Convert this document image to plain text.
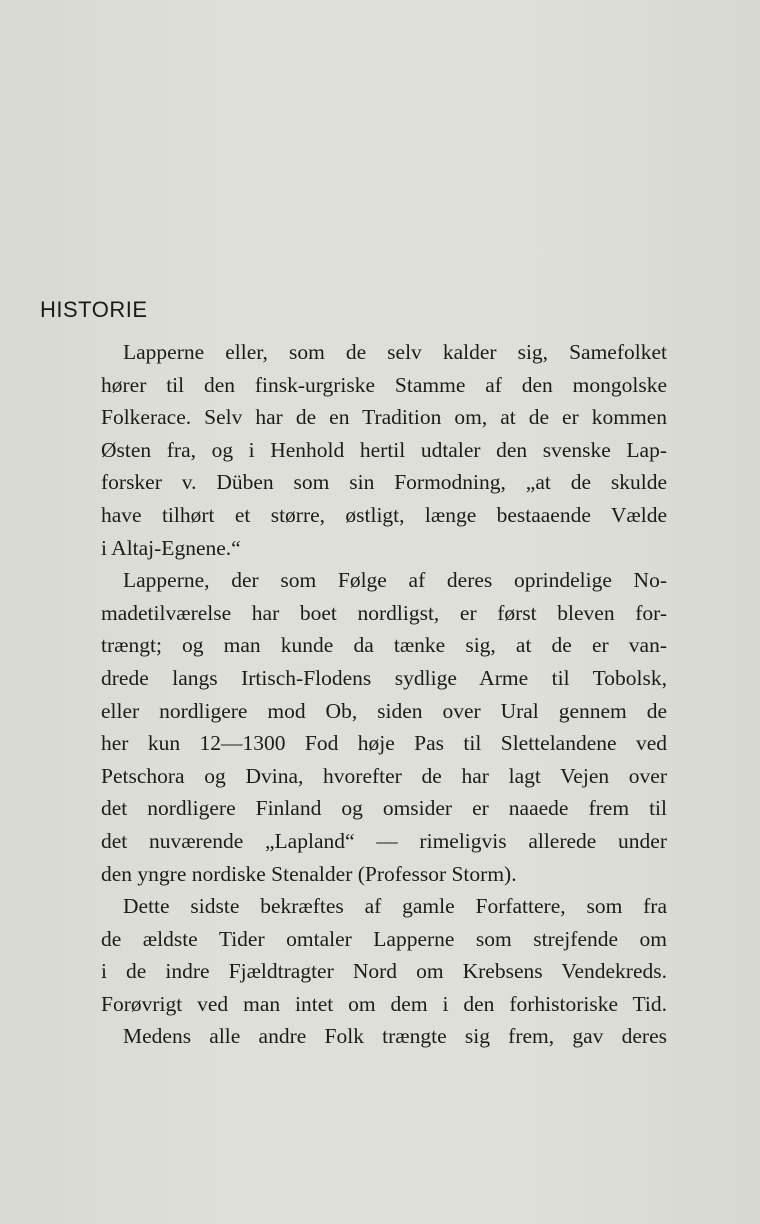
HISTORIE
Lapperne eller, som de selv kalder sig, Samefolket
hører til den finsk-urgriske Stamme af den mongolske
Folkerace. Selv har de en Tradition om, at de er kommen
Østen fra, og i Henhold hertil udtaler den svenske Lap-
forsker v. Düben som sin Formodning, „at de skulde
have tilhørt et større, østligt, længe bestaaende Vælde
i Altaj-Egnene.“
Lapperne, der som Følge af deres oprindelige No-
madetilværelse har boet nordligst, er først bleven for-
trængt; og man kunde da tænke sig, at de er van-
drede langs Irtisch-Flodens sydlige Arme til Tobolsk,
eller nordligere mod Ob, siden over Ural gennem de
her kun 12—1300 Fod høje Pas til Slettelandene ved
Petschora og Dvina, hvorefter de har lagt Vejen over
det nordligere Finland og omsider er naaede frem til
det nuværende „Lapland“ — rimeligvis allerede under
den yngre nordiske Stenalder (Professor Storm).
Dette sidste bekræftes af gamle Forfattere, som fra
de ældste Tider omtaler Lapperne som strejfende om
i de indre Fjældtragter Nord om Krebsens Vendekreds.
Forøvrigt ved man intet om dem i den forhistoriske Tid.
Medens alle andre Folk trængte sig frem, gav deres
